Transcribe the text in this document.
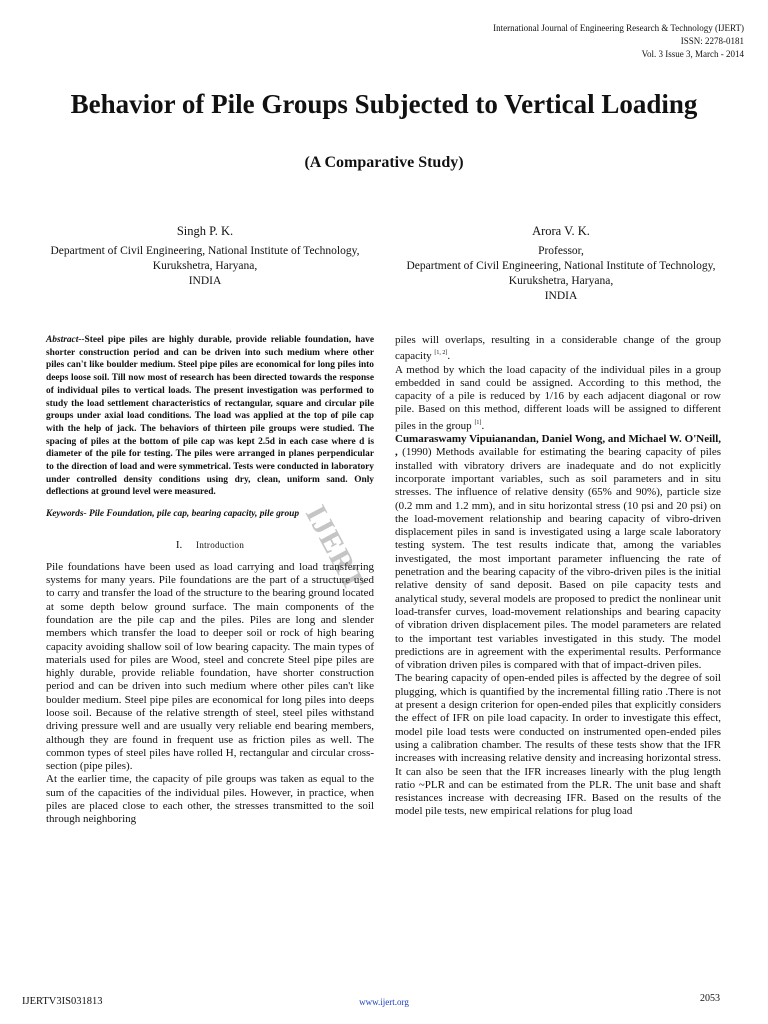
International Journal of Engineering Research & Technology (IJERT)
ISSN: 2278-0181
Vol. 3 Issue 3, March - 2014
Behavior of Pile Groups Subjected to Vertical Loading
(A Comparative Study)
Singh P. K.
Department of Civil Engineering, National Institute of Technology, Kurukshetra, Haryana,
INDIA
Arora V. K.
Professor,
Department of Civil Engineering, National Institute of Technology, Kurukshetra, Haryana,
INDIA

Abstract--Steel pipe piles are highly durable, provide reliable foundation, have shorter construction period and can be driven into such medium where other piles can't like boulder medium. Steel pipe piles are economical for long piles into deeps loose soil. Till now most of research has been directed towards the response of individual piles to vertical loads. The present investigation was performed to study the load settlement characteristics of rectangular, square and circular pile groups under axial load conditions. The load was applied at the top of pile cap with the help of jack. The behaviors of thirteen pile groups were studied. The spacing of piles at the bottom of pile cap was kept 2.5d in each case where d is diameter of the pile for testing. The piles were arranged in planes perpendicular to the direction of load and were symmetrical. Tests were conducted in laboratory under controlled density conditions using dry, clean, uniform sand. Only deflections at ground level were measured.

Keywords- Pile Foundation, pile cap, bearing capacity, pile group

I. Introduction

Pile foundations have been used as load carrying and load transferring systems for many years. Pile foundations are the part of a structure used to carry and transfer the load of the structure to the bearing ground located at some depth below ground surface. The main components of the foundation are the pile cap and the piles. Piles are long and slender members which transfer the load to deeper soil or rock of high bearing capacity avoiding shallow soil of low bearing capacity. The main types of materials used for piles are Wood, steel and concrete Steel pipe piles are highly durable, provide reliable foundation, have shorter construction period and can be driven into such medium where other piles can't like boulder medium. Steel pipe piles are economical for long piles into deeps loose soil. Because of the relative strength of steel, steel piles withstand driving pressure well and are usually very reliable end bearing members, although they are found in frequent use as friction piles as well. The common types of steel piles have rolled H, rectangular and circular cross-section (pipe piles).

At the earlier time, the capacity of pile groups was taken as equal to the sum of the capacities of the individual piles. However, in practice, when piles are placed close to each other, the stresses transmitted to the soil through neighboring

piles will overlaps, resulting in a considerable change of the group capacity [1, 2].

A method by which the load capacity of the individual piles in a group embedded in sand could be assigned. According to this method, the capacity of a pile is reduced by 1/16 by each adjacent diagonal or row pile. Based on this method, different loads will be assigned to different piles in the group [1].

Cumaraswamy Vipuianandan, Daniel Wong, and Michael W. O'Neill, , (1990) Methods available for estimating the bearing capacity of piles installed with vibratory drivers are inadequate and do not explicitly incorporate important variables, such as soil parameters and in situ stresses. The influence of relative density (65% and 90%), particle size (0.2 mm and 1.2 mm), and in situ horizontal stress (10 psi and 20 psi) on the load-movement relationship and bearing capacity of vibro-driven displacement piles in sand is investigated using a large scale laboratory testing system. The test results indicate that, among the variables investigated, the most important parameter influencing the rate of penetration and the bearing capacity of the vibro-driven piles is the initial relative density of sand deposit. Based on pile capacity tests and analytical study, several models are proposed to predict the nonlinear unit load-transfer curves, load-movement relationships and bearing capacity of vibration driven displacement piles. The model parameters are related to the important test variables investigated in this study. The model predictions are in agreement with the experimental results. Performance of vibration driven piles is compared with that of impact-driven piles.

The bearing capacity of open-ended piles is affected by the degree of soil plugging, which is quantified by the incremental filling ratio .There is not at present a design criterion for open-ended piles that explicitly considers the effect of IFR on pile load capacity. In order to investigate this effect, model pile load tests were conducted on instrumented open-ended piles using a calibration chamber. The results of these tests show that the IFR increases with increasing relative density and increasing horizontal stress. It can also be seen that the IFR increases linearly with the plug length ratio ~PLR and can be estimated from the PLR. The unit base and shaft resistances increase with decreasing IFR. Based on the results of the model pile tests, new empirical relations for plug load

IJERT
IJERTV3IS031813	www.ijert.org	2053
